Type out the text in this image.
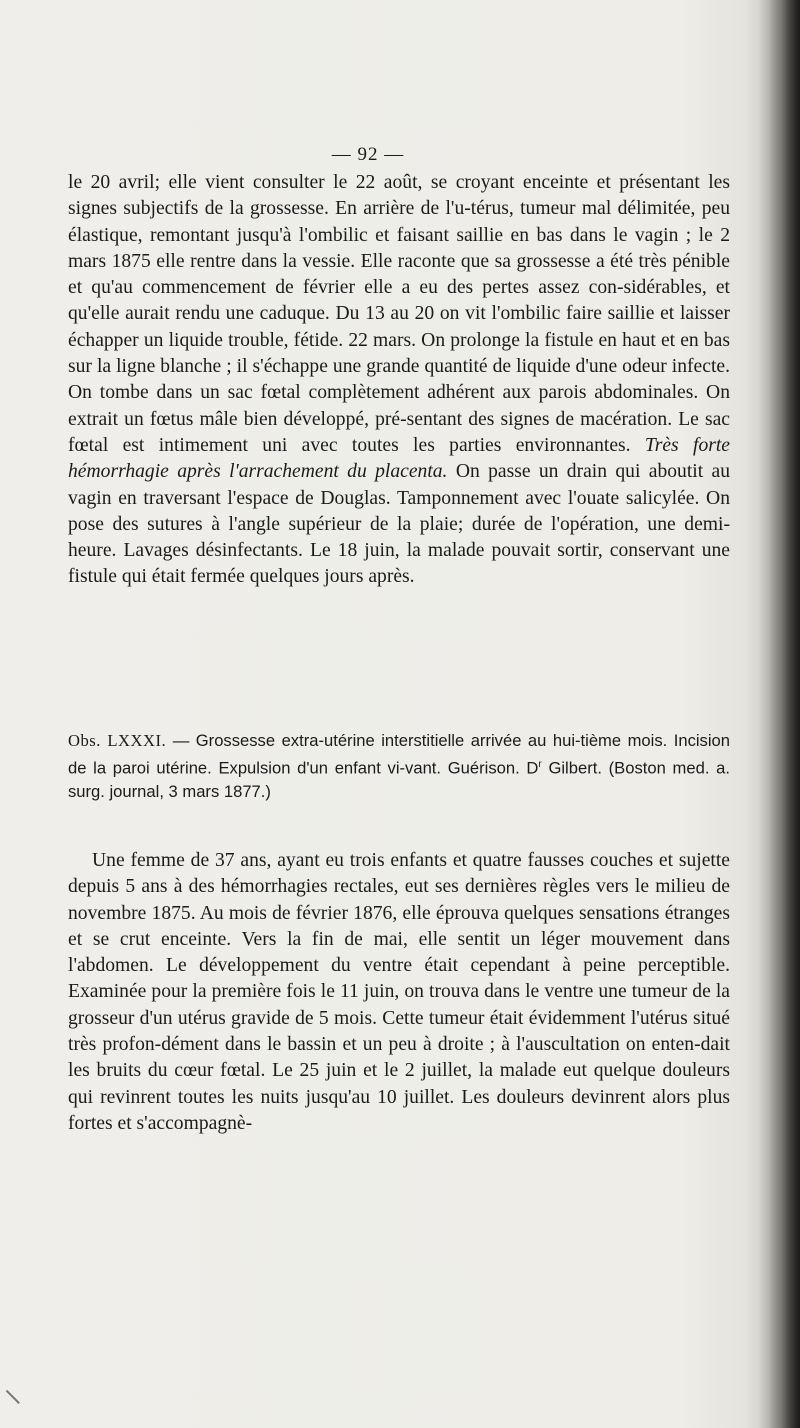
— 92 —
le 20 avril; elle vient consulter le 22 août, se croyant enceinte et présentant les signes subjectifs de la grossesse. En arrière de l'u-térus, tumeur mal délimitée, peu élastique, remontant jusqu'à l'ombilic et faisant saillie en bas dans le vagin ; le 2 mars 1875 elle rentre dans la vessie. Elle raconte que sa grossesse a été très pénible et qu'au commencement de février elle a eu des pertes assez con-sidérables, et qu'elle aurait rendu une caduque. Du 13 au 20 on vit l'ombilic faire saillie et laisser échapper un liquide trouble, fétide. 22 mars. On prolonge la fistule en haut et en bas sur la ligne blanche ; il s'échappe une grande quantité de liquide d'une odeur infecte. On tombe dans un sac fœtal complètement adhérent aux parois abdominales. On extrait un fœtus mâle bien développé, pré-sentant des signes de macération. Le sac fœtal est intimement uni avec toutes les parties environnantes. Très forte hémorrhagie après l'arrachement du placenta. On passe un drain qui aboutit au vagin en traversant l'espace de Douglas. Tamponnement avec l'ouate salicylée. On pose des sutures à l'angle supérieur de la plaie; durée de l'opération, une demi-heure. Lavages désinfectants. Le 18 juin, la malade pouvait sortir, conservant une fistule qui était fermée quelques jours après.
Obs. LXXXI. — Grossesse extra-utérine interstitielle arrivée au hui-tième mois. Incision de la paroi utérine. Expulsion d'un enfant vi-vant. Guérison. $D^r$ Gilbert. (Boston med. a. surg. journal, 3 mars 1877.)
Une femme de 37 ans, ayant eu trois enfants et quatre fausses couches et sujette depuis 5 ans à des hémorrhagies rectales, eut ses dernières règles vers le milieu de novembre 1875. Au mois de février 1876, elle éprouva quelques sensations étranges et se crut enceinte. Vers la fin de mai, elle sentit un léger mouvement dans l'abdomen. Le développement du ventre était cependant à peine perceptible. Examinée pour la première fois le 11 juin, on trouva dans le ventre une tumeur de la grosseur d'un utérus gravide de 5 mois. Cette tumeur était évidemment l'utérus situé très profon-dément dans le bassin et un peu à droite ; à l'auscultation on enten-dait les bruits du cœur fœtal. Le 25 juin et le 2 juillet, la malade eut quelque douleurs qui revinrent toutes les nuits jusqu'au 10 juillet. Les douleurs devinrent alors plus fortes et s'accompagnè-
